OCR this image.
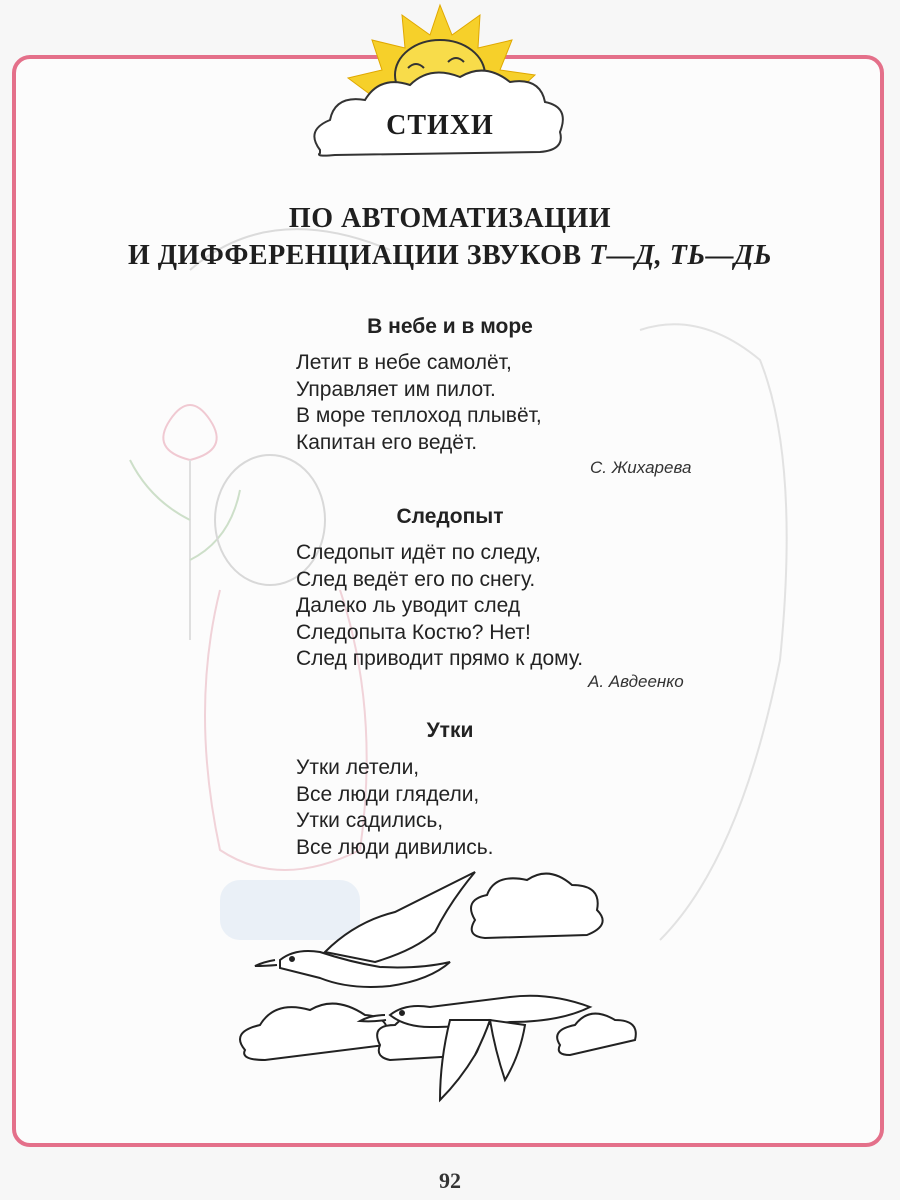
СТИХИ
ПО АВТОМАТИЗАЦИИ
И ДИФФЕРЕНЦИАЦИИ ЗВУКОВ Т—Д, ТЬ—ДЬ
В небе и в море
Летит в небе самолёт,
Управляет им пилот.
В море теплоход плывёт,
Капитан его ведёт.
С. Жихарева
Следопыт
Следопыт идёт по следу,
След ведёт его по снегу.
Далеко ль уводит след
Следопыта Костю? Нет!
След приводит прямо к дому.
А. Авдеенко
Утки
Утки летели,
Все люди глядели,
Утки садились,
Все люди дивились.
92
